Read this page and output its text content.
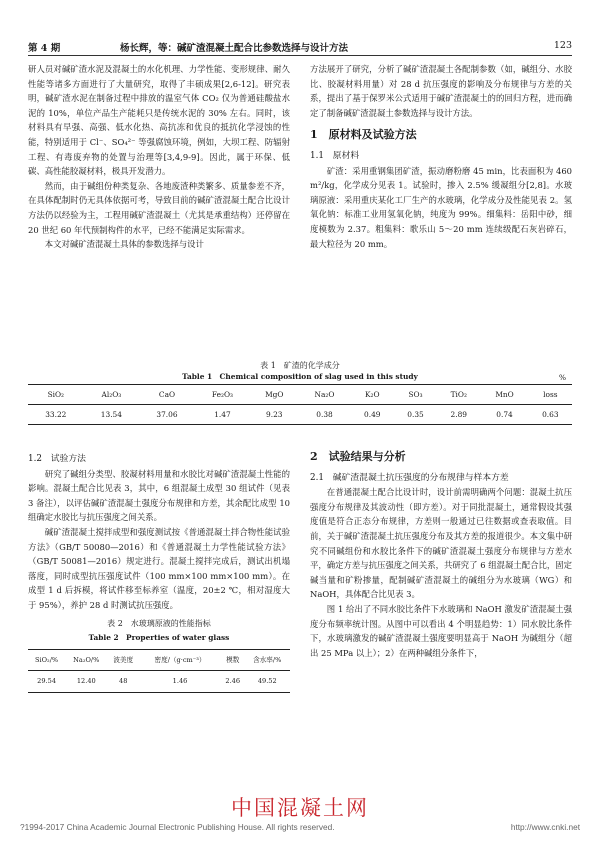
第 4 期	杨长辉，等：碱矿渣混凝土配合比参数选择与设计方法	123

研人员对碱矿渣水泥及混凝土的水化机理、力学性能、变形规律、耐久性能等诸多方面进行了大量研究，取得了丰硕成果[2,6-12]。研究表明，碱矿渣水泥在制备过程中排放的温室气体 CO₂ 仅为普通硅酸盐水泥的 10%，单位产品生产能耗只是传统水泥的 30% 左右。同时，该材料具有早强、高强、低水化热、高抗冻和优良的抵抗化学浸蚀的性能，特别适用于 Cl⁻、SO₄²⁻ 等强腐蚀环境，例如，大坝工程、防辐射工程、有毒废弃物的处置与治理等[3,4,9-9]。因此，属于环保、低碳、高性能胶凝材料，极具开发潜力。

然而，由于碱组份种类复杂、各地废渣种类繁多、质量参差不齐，在具体配制时仍无具体依据可考，导致目前的碱矿渣混凝土配合比设计方法仍以经验为主，工程用碱矿渣混凝土（尤其是承重结构）还停留在 20 世纪 60 年代预制构件的水平，已经不能满足实际需求。

本文对碱矿渣混凝土具体的参数选择与设计

方法展开了研究，分析了碱矿渣混凝土各配制参数（如，碱组分、水胶比、胶凝材料用量）对 28 d 抗压强度的影响及分布规律与方差的关系，提出了基于保罗米公式适用于碱矿渣混凝土的的回归方程，进而确定了制备碱矿渣混凝土参数选择与设计方法。

1　原材料及试验方法
1.1　原材料

矿渣：采用重钢集团矿渣，振动磨粉磨 45 min，比表面积为 460 m²/kg，化学成分见表 1。试验时，掺入 2.5% 缓凝组分[2,8]。水玻璃原液：采用重庆某化工厂生产的水玻璃，化学成分及性能见表 2。氢氧化钠：标准工业用氢氧化钠，纯度为 99%。细集料：岳阳中砂，细度模数为 2.37。粗集料：歌乐山 5～20 mm 连续级配石灰岩碎石，最大粒径为 20 mm。

表 1　矿渣的化学成分
Table 1　Chemical composition of slag used in this study	%
SiO₂	Al₂O₃	CaO	Fe₂O₃	MgO	Na₂O	K₂O	SO₃	TiO₂	MnO	loss
33.22	13.54	37.06	1.47	9.23	0.38	0.49	0.35	2.89	0.74	0.63
1.2　试验方法

研究了碱组分类型、胶凝材料用量和水胶比对碱矿渣混凝土性能的影响。混凝土配合比见表 3，其中，6 组混凝土成型 30 组试件（见表 3 备注），以评估碱矿渣混凝土强度分布规律和方差，其余配比成型 10 组确定水胶比与抗压强度之间关系。

碱矿渣混凝土搅拌成型和强度测试按《普通混凝土拌合物性能试验方法》（GB/T 50080—2016）和《普通混凝土力学性能试验方法》（GB/T 50081—2016）规定进行。混凝土搅拌完成后，测试出机塌落度，同时成型抗压强度试件（100 mm×100 mm×100 mm）。在成型 1 d 后拆模，将试件移至标养室（温度，20±2 ℃，相对湿度大于 95%），养护 28 d 时测试抗压强度。

表 2　水玻璃原液的性能指标
Table 2　Properties of water glass
SiO₂/%	Na₂O/%	波美度	密度/（g·cm⁻³）	模数	含水率/%
29.54	12.40	48	1.46	2.46	49.52
2　试验结果与分析
2.1　碱矿渣混凝土抗压强度的分布规律与样本方差

在普通混凝土配合比设计时，设计前需明确两个问题：混凝土抗压强度分布规律及其波动性（即方差）。对于同批混凝土，通常假设其强度值是符合正态分布规律，方差则一般通过已往数据或查表取值。目前，关于碱矿渣混凝土抗压强度分布及其方差的报道很少。本文集中研究不同碱组份和水胶比条件下的碱矿渣混凝土强度分布规律与方差水平，确定方差与抗压强度之间关系，共研究了 6 组混凝土配合比，固定碱当量和矿粉掺量，配制碱矿渣混凝土的碱组分为水玻璃（WG）和 NaOH，具体配合比见表 3。

图 1 给出了不同水胶比条件下水玻璃和 NaOH 激发矿渣混凝土强度分布频率统计图。从图中可以看出 4 个明显趋势：1）同水胶比条件下，水玻璃激发的碱矿渣混凝土强度要明显高于 NaOH 为碱组分（超出 25 MPa 以上）；2）在两种碱组分条件下，

中国混凝土网
?1994-2017 China Academic Journal Electronic Publishing House. All rights reserved.	http://www.cnki.net
